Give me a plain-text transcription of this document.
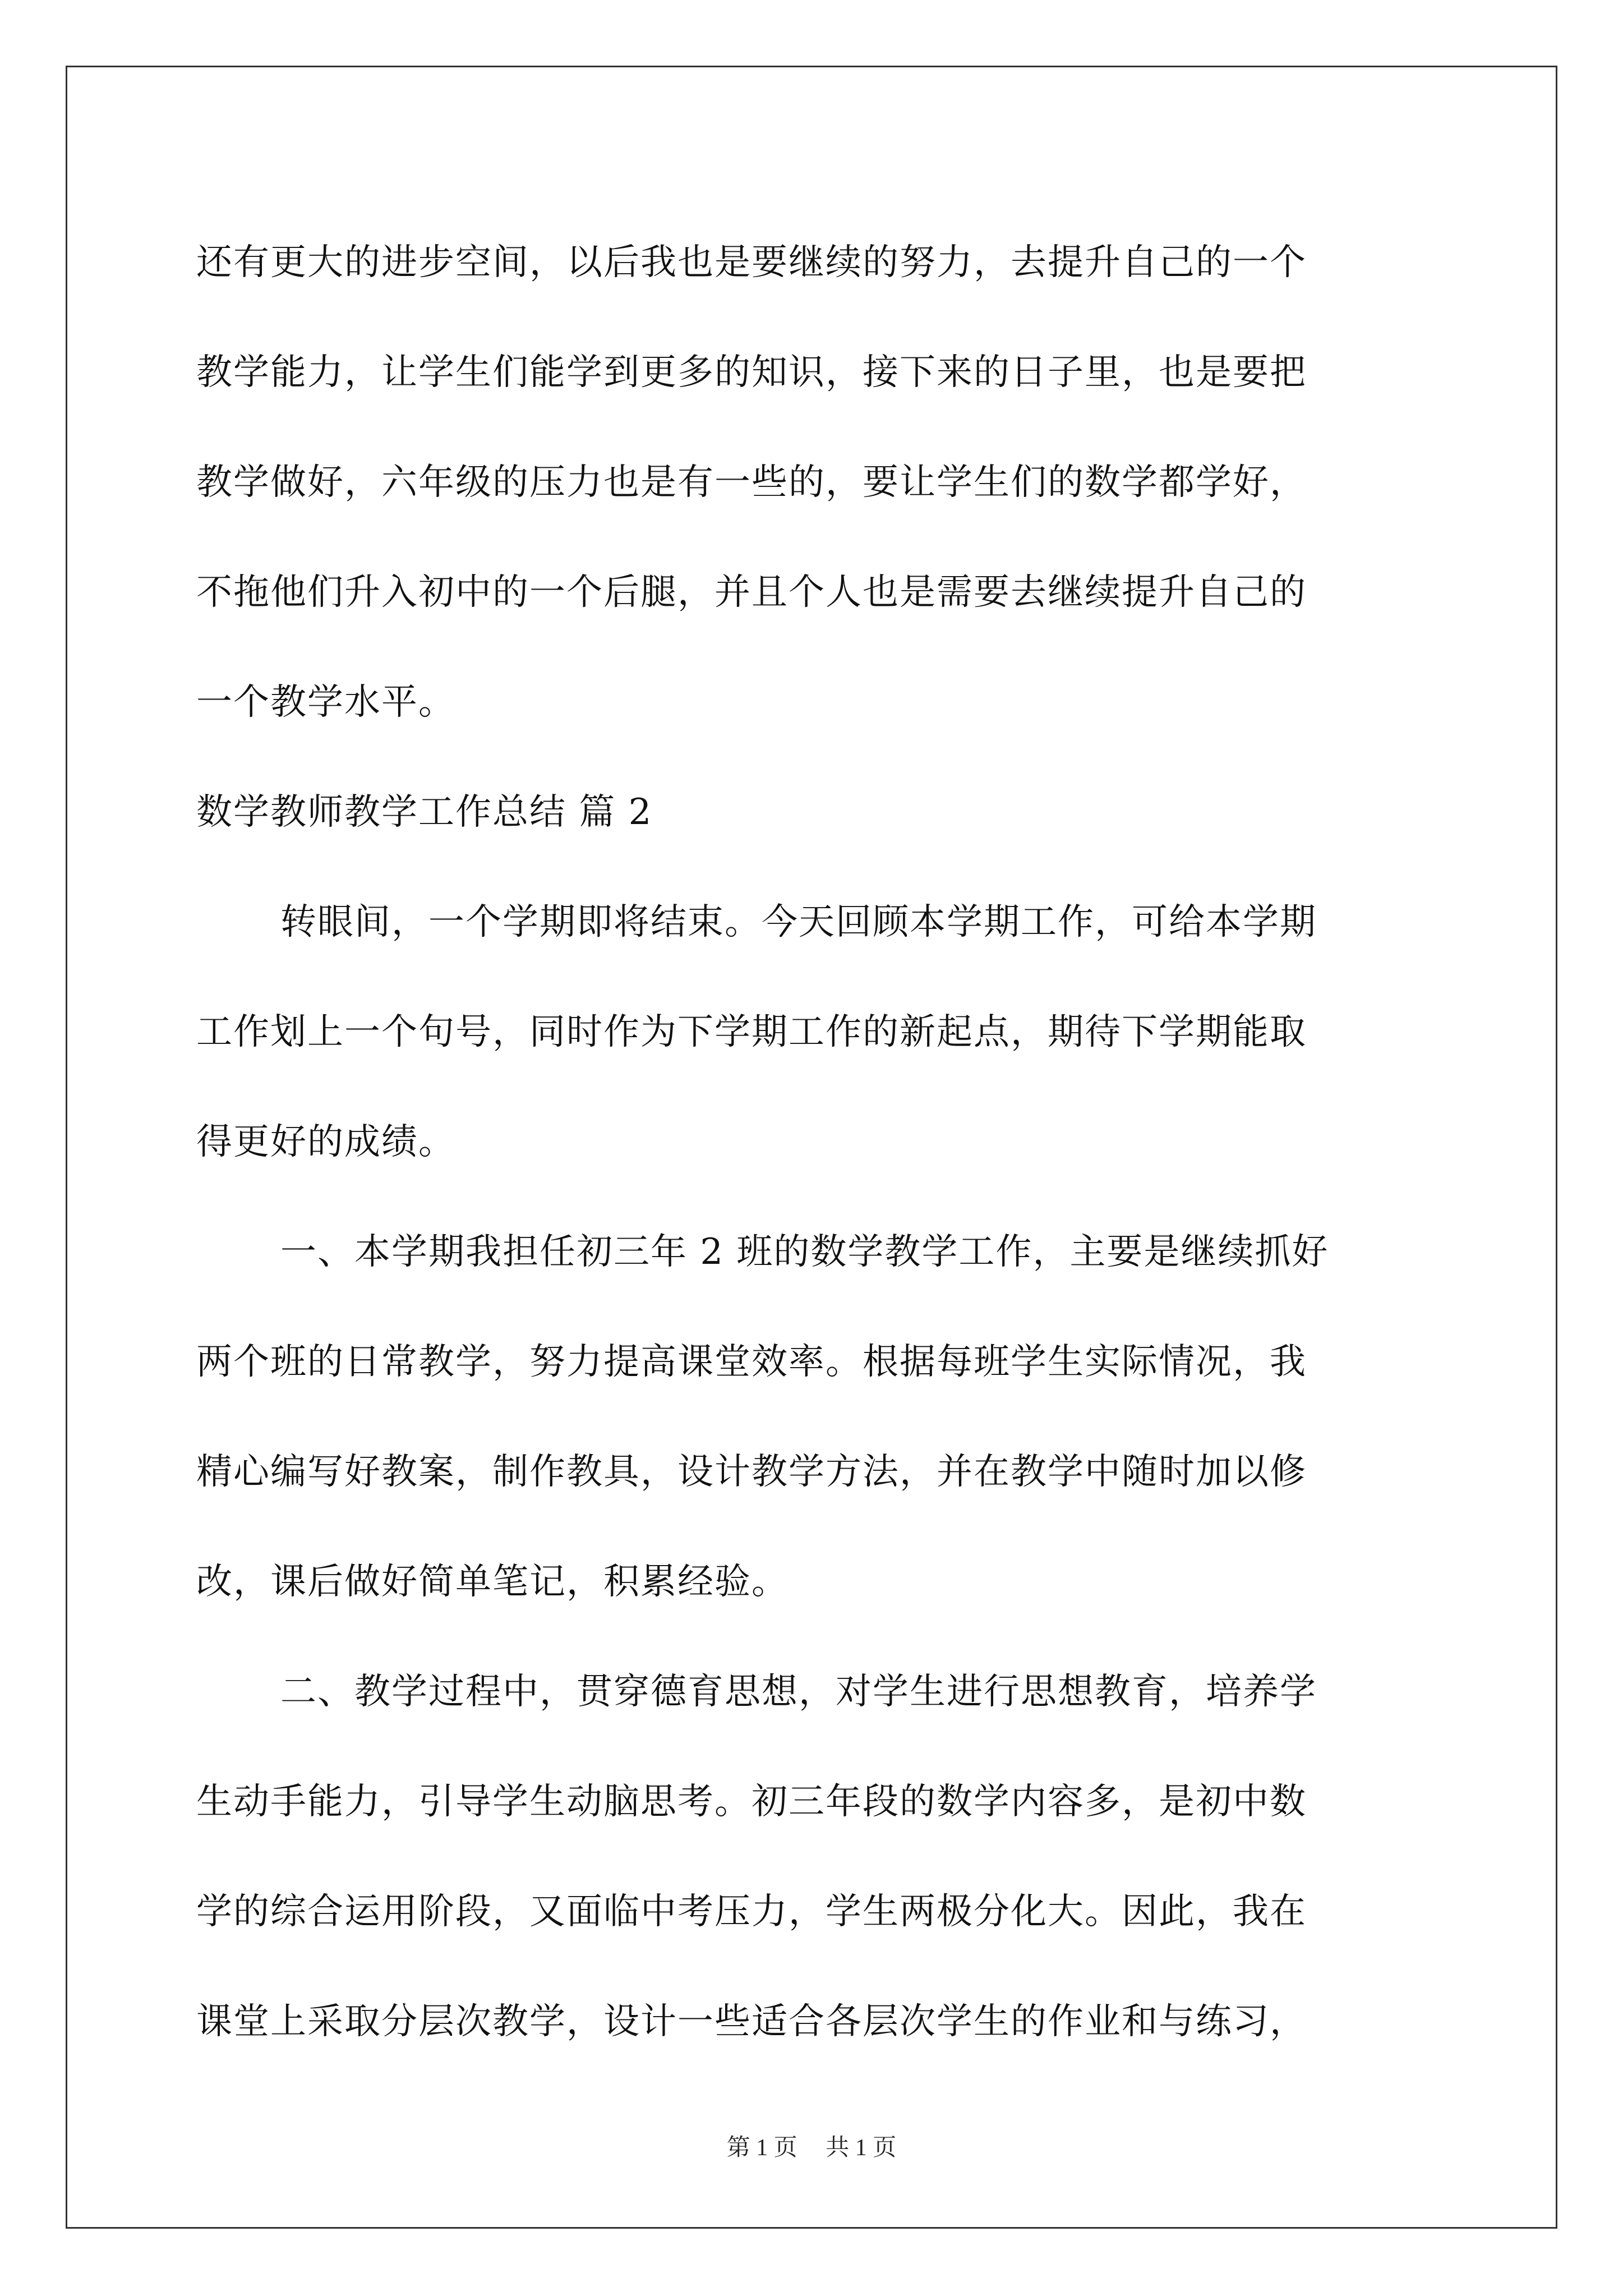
还有更大的进步空间，以后我也是要继续的努力，去提升自己的一个
教学能力，让学生们能学到更多的知识，接下来的日子里，也是要把
教学做好，六年级的压力也是有一些的，要让学生们的数学都学好，
不拖他们升入初中的一个后腿，并且个人也是需要去继续提升自己的
一个教学水平。
数学教师教学工作总结 篇 2
转眼间，一个学期即将结束。今天回顾本学期工作，可给本学期
工作划上一个句号，同时作为下学期工作的新起点，期待下学期能取
得更好的成绩。
一、本学期我担任初三年 2 班的数学教学工作，主要是继续抓好
两个班的日常教学，努力提高课堂效率。根据每班学生实际情况，我
精心编写好教案，制作教具，设计教学方法，并在教学中随时加以修
改，课后做好简单笔记，积累经验。
二、教学过程中，贯穿德育思想，对学生进行思想教育，培养学
生动手能力，引导学生动脑思考。初三年段的数学内容多，是初中数
学的综合运用阶段，又面临中考压力，学生两极分化大。因此，我在
课堂上采取分层次教学，设计一些适合各层次学生的作业和与练习，
第 1 页 共 1 页
